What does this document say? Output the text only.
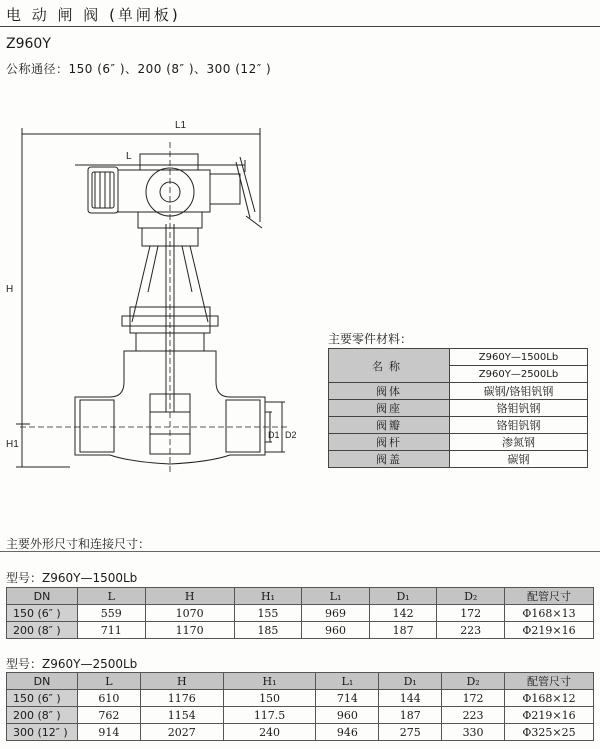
电 动 闸 阀 (单闸板)
Z960Y
公称通径：150 (6″ )、200 (8″ )、300 (12″ )
L1
L
H
H1
D1 D2
主要零件材料：
名称	Z960Y—1500Lb
	Z960Y—2500Lb
阀体	碳钢/铬钼钒钢
阀座	铬钼钒钢
阀瓣	铬钼钒钢
阀杆	渗氮钢
阀盖	碳钢
主要外形尺寸和连接尺寸：
型号：Z960Y—1500Lb
DN	L	H	H₁	L₁	D₁	D₂	配管尺寸
150 (6″ )	559	1070	155	969	142	172	Φ168×13
200 (8″ )	711	1170	185	960	187	223	Φ219×16
型号：Z960Y—2500Lb
DN	L	H	H₁	L₁	D₁	D₂	配管尺寸
150 (6″ )	610	1176	150	714	144	172	Φ168×12
200 (8″ )	762	1154	117.5	960	187	223	Φ219×16
300 (12″ )	914	2027	240	946	275	330	Φ325×25
